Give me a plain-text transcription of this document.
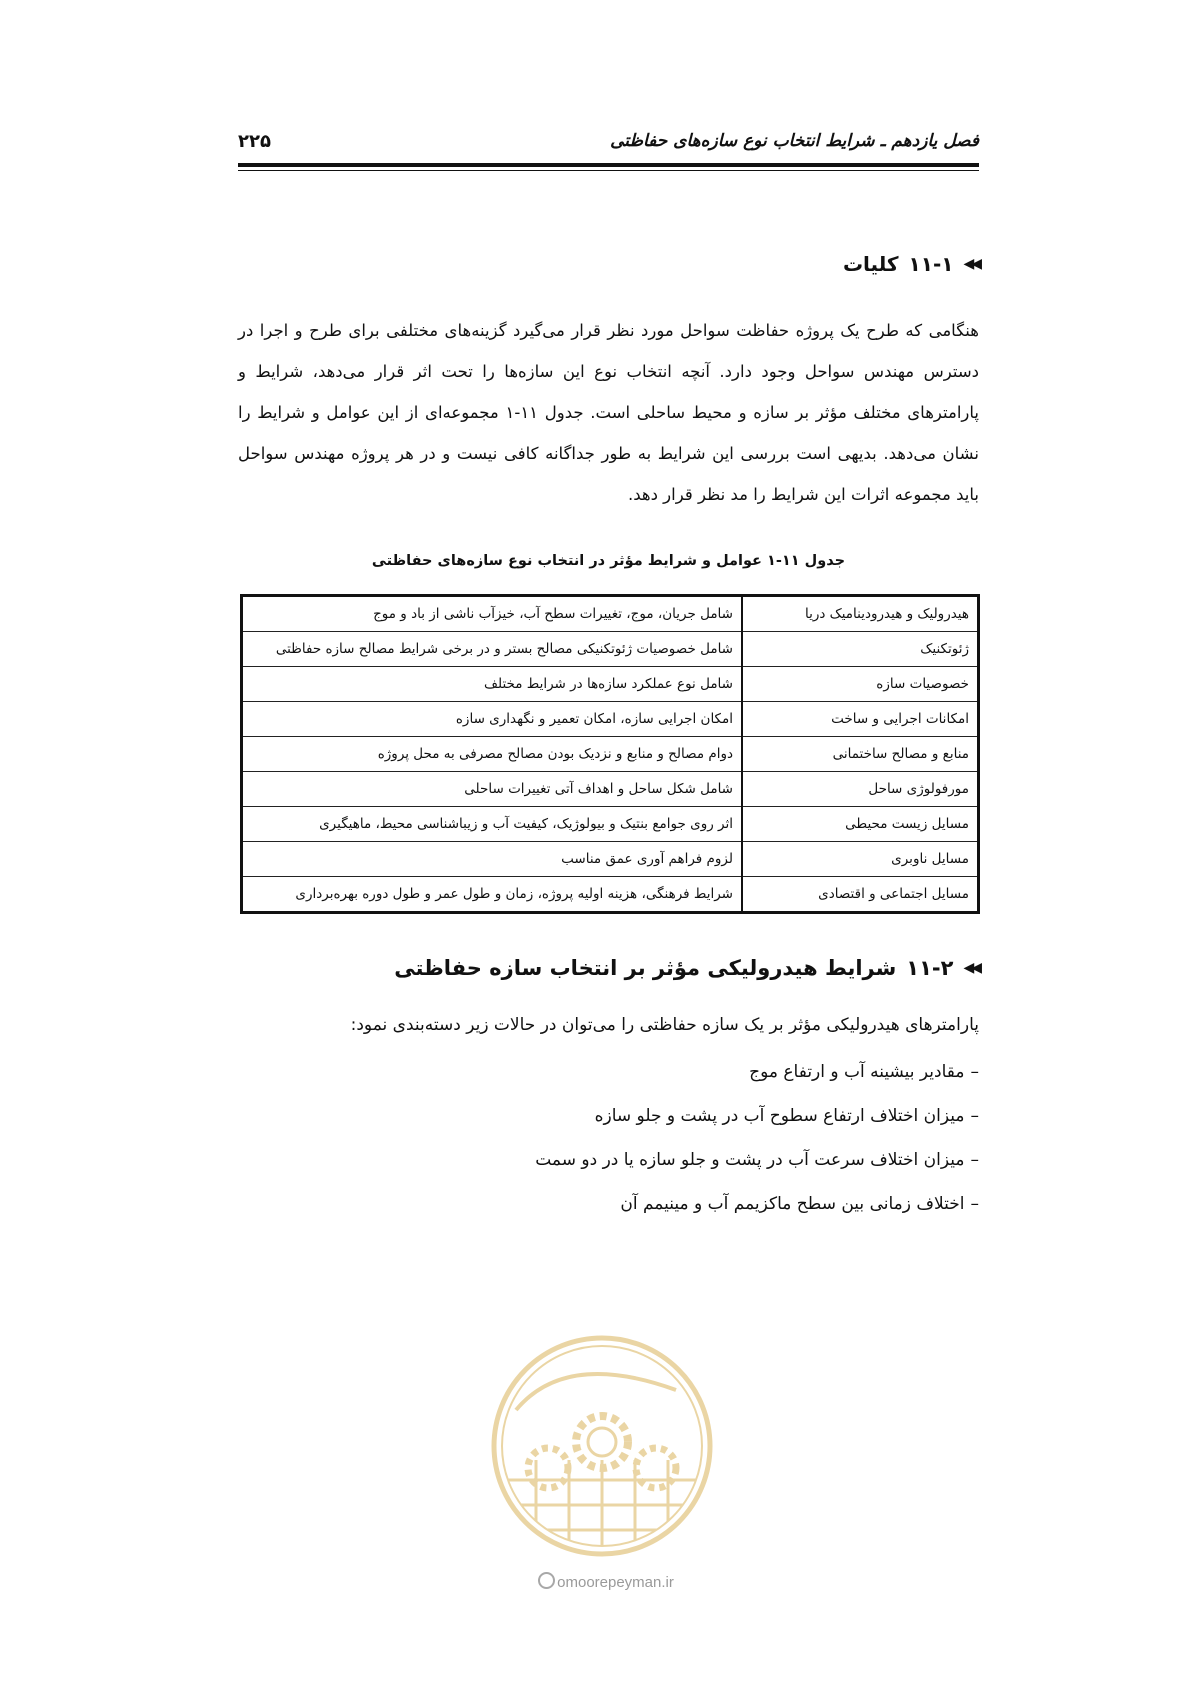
فصل یازدهم ـ شرایط انتخاب نوع سازه‌های حفاظتی
۲۲۵
◀◀
۱۱-۱
کلیات

هنگامی که طرح یک پروژه حفاظت سواحل مورد نظر قرار می‌گیرد گزینه‌های مختلفی برای طرح و اجرا در دسترس مهندس سواحل وجود دارد. آنچه انتخاب نوع این سازه‌ها را تحت اثر قرار می‌دهد، شرایط و پارامترهای مختلف مؤثر بر سازه و محیط ساحلی است. جدول ۱۱-۱ مجموعه‌ای از این عوامل و شرایط را نشان می‌دهد. بدیهی است بررسی این شرایط به طور جداگانه کافی نیست و در هر پروژه مهندس سواحل باید مجموعه اثرات این شرایط را مد نظر قرار دهد.

جدول ۱۱-۱ عوامل و شرایط مؤثر در انتخاب نوع سازه‌های حفاظتی
هیدرولیک و هیدرودینامیک دریا	شامل جریان، موج، تغییرات سطح آب، خیزآب ناشی از باد و موج
ژئوتکنیک	شامل خصوصیات ژئوتکنیکی مصالح بستر و در برخی شرایط مصالح سازه حفاظتی
خصوصیات سازه	شامل نوع عملکرد سازه‌ها در شرایط مختلف
امکانات اجرایی و ساخت	امکان اجرایی سازه، امکان تعمیر و نگهداری سازه
منابع و مصالح ساختمانی	دوام مصالح و منابع و نزدیک بودن مصالح مصرفی به محل پروژه
مورفولوژی ساحل	شامل شکل ساحل و اهداف آتی تغییرات ساحلی
مسایل زیست محیطی	اثر روی جوامع بنتیک و بیولوژیک، کیفیت آب و زیباشناسی محیط، ماهیگیری
مسایل ناوبری	لزوم فراهم آوری عمق مناسب
مسایل اجتماعی و اقتصادی	شرایط فرهنگی، هزینه اولیه پروژه، زمان و طول عمر و طول دوره بهره‌برداری
◀◀
۱۱-۲
شرایط هیدرولیکی مؤثر بر انتخاب سازه حفاظتی
پارامترهای هیدرولیکی مؤثر بر یک سازه حفاظتی را می‌توان در حالات زیر دسته‌بندی نمود:
–مقادیر بیشینه آب و ارتفاع موج
–میزان اختلاف ارتفاع سطوح آب در پشت و جلو سازه
–میزان اختلاف سرعت آب در پشت و جلو سازه یا در دو سمت
–اختلاف زمانی بین سطح ماکزیمم آب و مینیمم آن
omoorepeyman.ir
